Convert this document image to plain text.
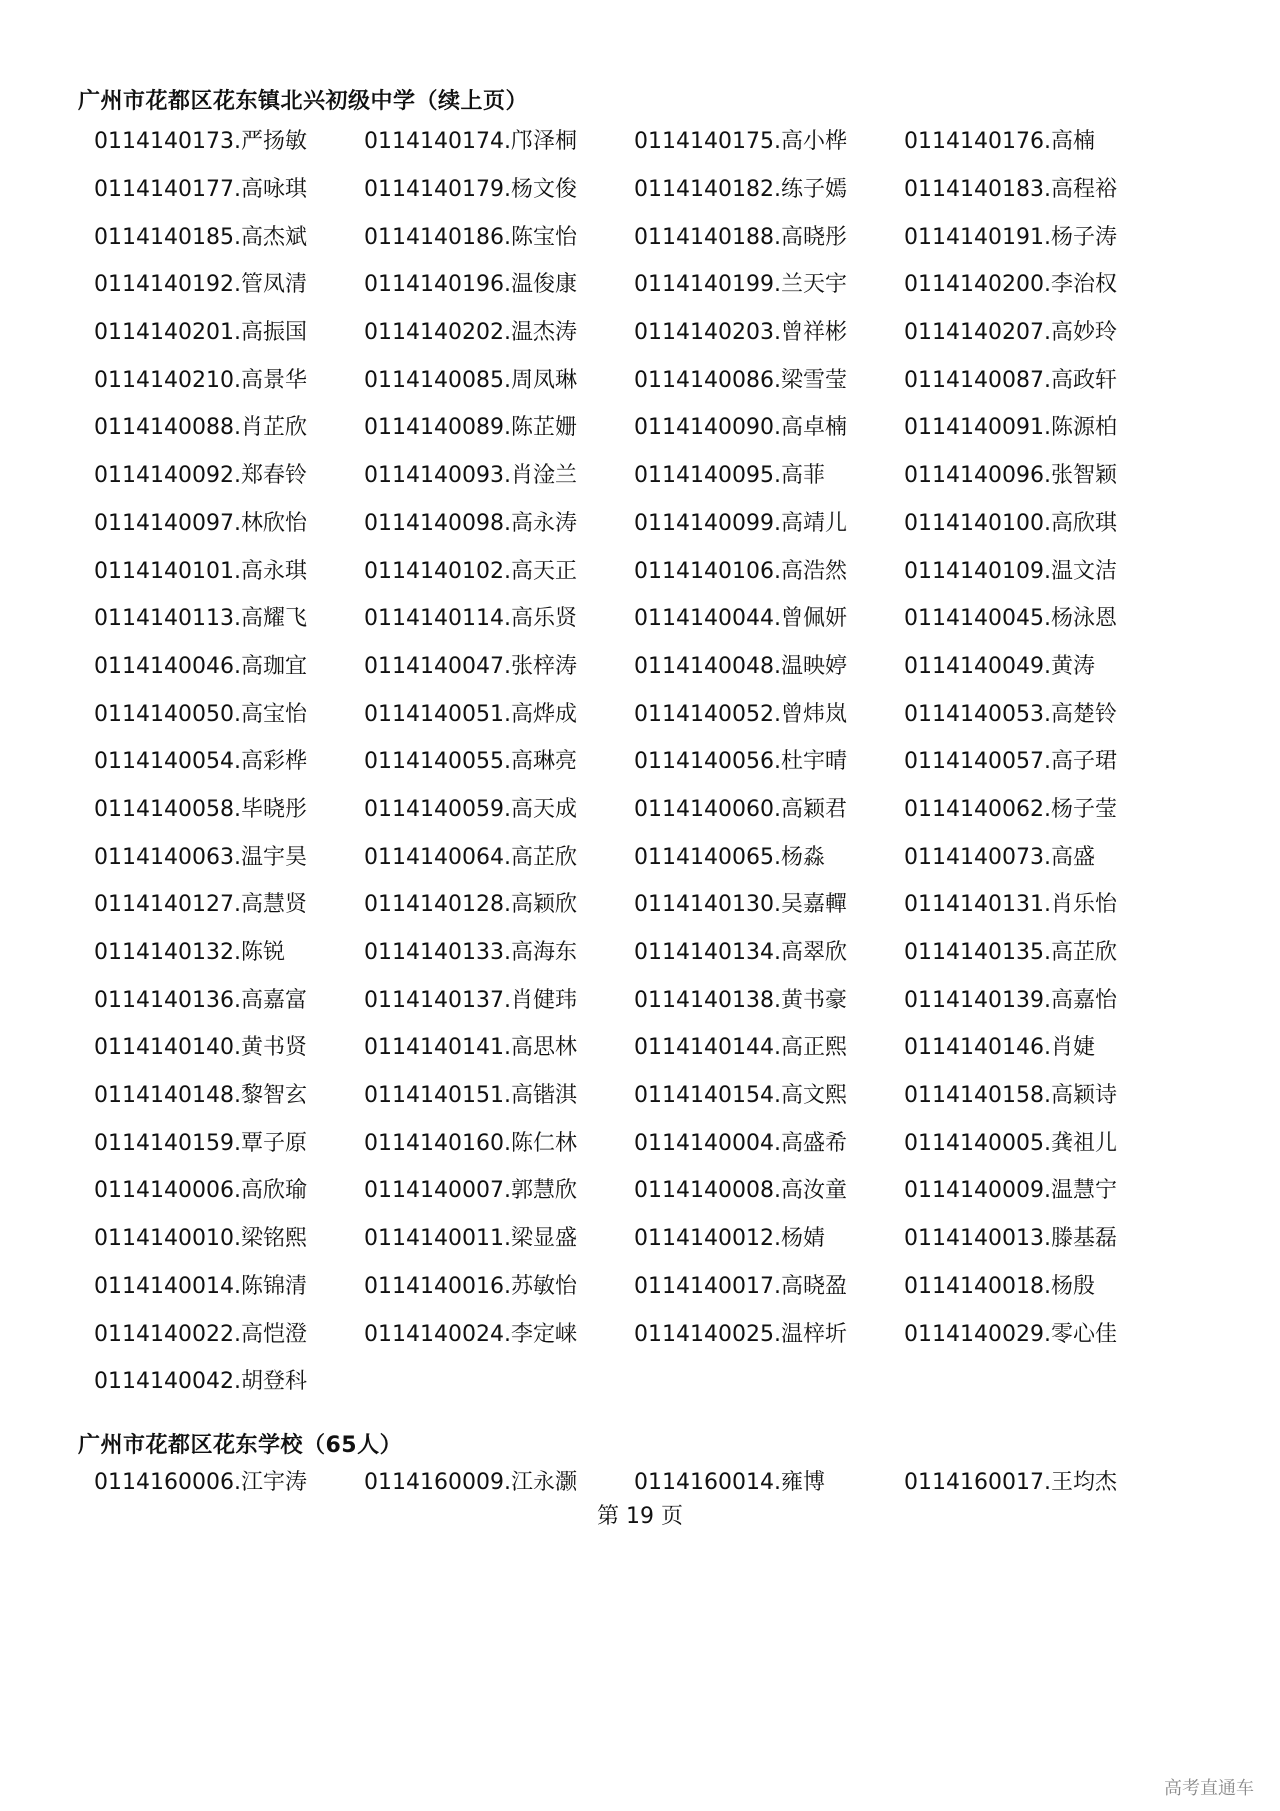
广州市花都区花东镇北兴初级中学（续上页）
0114140173.严扬敏	0114140174.邝泽桐	0114140175.高小桦	0114140176.高楠
0114140177.高咏琪	0114140179.杨文俊	0114140182.练子嫣	0114140183.高程裕
0114140185.高杰斌	0114140186.陈宝怡	0114140188.高晓彤	0114140191.杨子涛
0114140192.管凤清	0114140196.温俊康	0114140199.兰天宇	0114140200.李治权
0114140201.高振国	0114140202.温杰涛	0114140203.曾祥彬	0114140207.高妙玲
0114140210.高景华	0114140085.周凤琳	0114140086.梁雪莹	0114140087.高政轩
0114140088.肖芷欣	0114140089.陈芷姗	0114140090.高卓楠	0114140091.陈源柏
0114140092.郑春铃	0114140093.肖淦兰	0114140095.高菲	0114140096.张智颖
0114140097.林欣怡	0114140098.高永涛	0114140099.高靖儿	0114140100.高欣琪
0114140101.高永琪	0114140102.高天正	0114140106.高浩然	0114140109.温文洁
0114140113.高耀飞	0114140114.高乐贤	0114140044.曾佩妍	0114140045.杨泳恩
0114140046.高珈宜	0114140047.张梓涛	0114140048.温映婷	0114140049.黄涛
0114140050.高宝怡	0114140051.高烨成	0114140052.曾炜岚	0114140053.高楚铃
0114140054.高彩桦	0114140055.高琳亮	0114140056.杜宇晴	0114140057.高子珺
0114140058.毕晓彤	0114140059.高天成	0114140060.高颖君	0114140062.杨子莹
0114140063.温宇昊	0114140064.高芷欣	0114140065.杨淼	0114140073.高盛
0114140127.高慧贤	0114140128.高颖欣	0114140130.吴嘉䡲	0114140131.肖乐怡
0114140132.陈锐	0114140133.高海东	0114140134.高翠欣	0114140135.高芷欣
0114140136.高嘉富	0114140137.肖健玮	0114140138.黄书豪	0114140139.高嘉怡
0114140140.黄书贤	0114140141.高思林	0114140144.高正熙	0114140146.肖婕
0114140148.黎智玄	0114140151.高锴淇	0114140154.高文熙	0114140158.高颖诗
0114140159.覃子原	0114140160.陈仁林	0114140004.高盛希	0114140005.龚祖儿
0114140006.高欣瑜	0114140007.郭慧欣	0114140008.高汝童	0114140009.温慧宁
0114140010.梁铭熙	0114140011.梁显盛	0114140012.杨婧	0114140013.滕基磊
0114140014.陈锦清	0114140016.苏敏怡	0114140017.高晓盈	0114140018.杨殷
0114140022.高恺澄	0114140024.李定崃	0114140025.温梓圻	0114140029.零心佳
0114140042.胡登科
广州市花都区花东学校（65人）
0114160006.江宇涛	0114160009.江永灏	0114160014.雍博	0114160017.王均杰
第 19 页
高考直通车
